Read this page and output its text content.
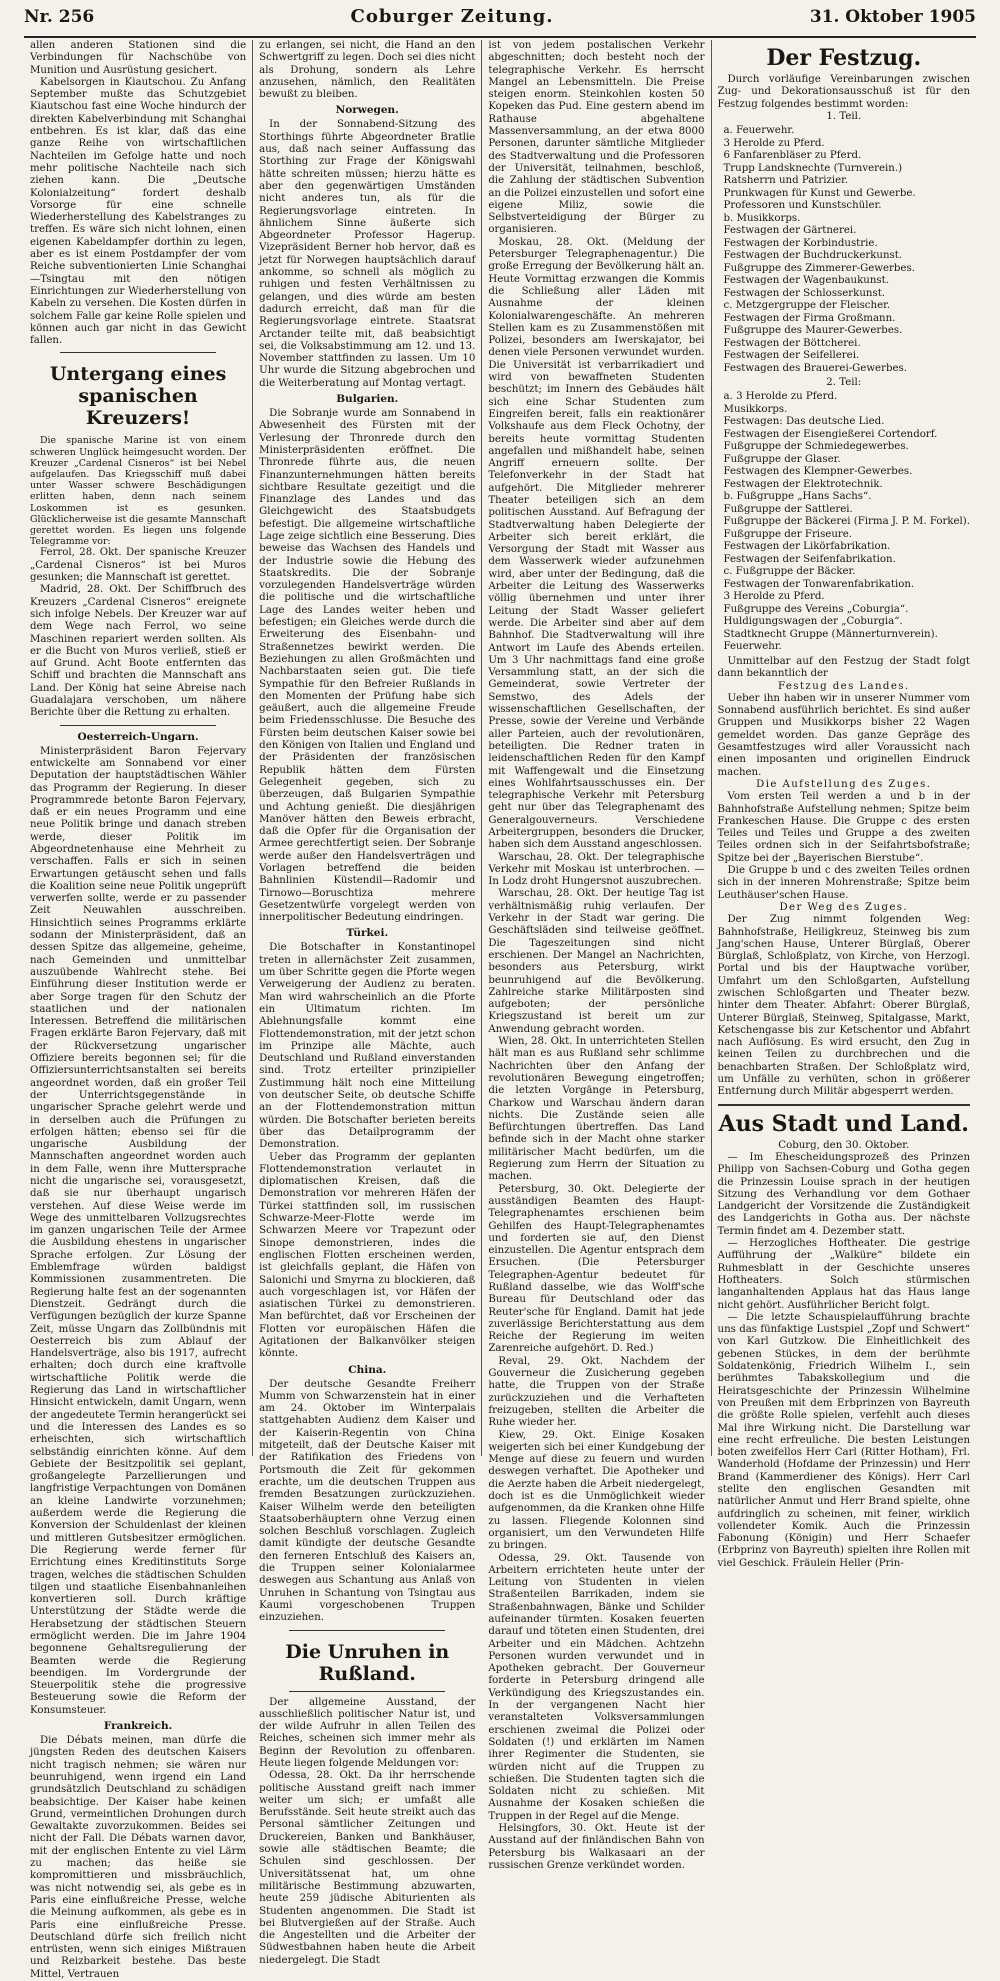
Nr. 256	Coburger Zeitung.	31. Oktober 1905

allen anderen Stationen sind die Verbindungen für Nachschübe von Munition und Ausrüstung gesichert.

Kabelsorgen in Kiautschou. Zu Anfang September mußte das Schutzgebiet Kiautschou fast eine Woche hindurch der direkten Kabelverbindung mit Schanghai entbehren. Es ist klar, daß das eine ganze Reihe von wirtschaftlichen Nachteilen im Gefolge hatte und noch mehr politische Nachteile nach sich ziehen kann. Die „Deutsche Kolonialzeitung“ fordert deshalb Vorsorge für eine schnelle Wiederherstellung des Kabelstranges zu treffen. Es wäre sich nicht lohnen, einen eigenen Kabeldampfer dorthin zu legen, aber es ist einem Postdampfer der vom Reiche subventionierten Linie Schanghai—Tsingtau mit den nötigen Einrichtungen zur Wiederherstellung von Kabeln zu versehen. Die Kosten dürfen in solchem Falle gar keine Rolle spielen und können auch gar nicht in das Gewicht fallen.

Untergang eines spanischen Kreuzers!

Die spanische Marine ist von einem schweren Unglück heimgesucht worden. Der Kreuzer „Cardenal Cisneros“ ist bei Nebel aufgelaufen. Das Kriegsschiff muß dabei unter Wasser schwere Beschädigungen erlitten haben, denn nach seinem Loskommen ist es gesunken. Glücklicherweise ist die gesamte Mannschaft gerettet worden. Es liegen uns folgende Telegramme vor:

Ferrol, 28. Okt. Der spanische Kreuzer „Cardenal Cisneros“ ist bei Muros gesunken; die Mannschaft ist gerettet.

Madrid, 28. Okt. Der Schiffbruch des Kreuzers „Cardenal Cisneros“ ereignete sich infolge Nebels. Der Kreuzer war auf dem Wege nach Ferrol, wo seine Maschinen repariert werden sollten. Als er die Bucht von Muros verließ, stieß er auf Grund. Acht Boote entfernten das Schiff und brachten die Mannschaft ans Land. Der König hat seine Abreise nach Guadalajara verschoben, um nähere Berichte über die Rettung zu erhalten.

Oesterreich-Ungarn.

Ministerpräsident Baron Fejervary entwickelte am Sonnabend vor einer Deputation der hauptstädtischen Wähler das Programm der Regierung. In dieser Programmrede betonte Baron Fejervary, daß er ein neues Programm und eine neue Politik bringe und danach streben werde, dieser Politik im Abgeordnetenhause eine Mehrheit zu verschaffen. Falls er sich in seinen Erwartungen getäuscht sehen und falls die Koalition seine neue Politik ungeprüft verwerfen sollte, werde er zu passender Zeit Neuwahlen ausschreiben. Hinsichtlich seines Programms erklärte sodann der Ministerpräsident, daß an dessen Spitze das allgemeine, geheime, nach Gemeinden und unmittelbar auszuübende Wahlrecht stehe. Bei Einführung dieser Institution werde er aber Sorge tragen für den Schutz der staatlichen und der nationalen Interessen. Betreffend die militärischen Fragen erklärte Baron Fejervary, daß mit der Rückversetzung ungarischer Offiziere bereits begonnen sei; für die Offiziersunterrichtsanstalten sei bereits angeordnet worden, daß ein großer Teil der Unterrichtsgegenstände in ungarischer Sprache gelehrt werde und in derselben auch die Prüfungen zu erfolgen hätten; ebenso sei für die ungarische Ausbildung der Mannschaften angeordnet worden auch in dem Falle, wenn ihre Muttersprache nicht die ungarische sei, vorausgesetzt, daß sie nur überhaupt ungarisch verstehen. Auf diese Weise werde im Wege des unmittelbaren Vollzugsrechtes im ganzen ungarischen Teile der Armee die Ausbildung ehestens in ungarischer Sprache erfolgen. Zur Lösung der Emblemfrage würden baldigst Kommissionen zusammentreten. Die Regierung halte fest an der sogenannten Dienstzeit. Gedrängt durch die Verfügungen bezüglich der kurze Spanne Zeit, müsse Ungarn das Zollbündnis mit Oesterreich bis zum Ablauf der Handelsverträge, also bis 1917, aufrecht erhalten; doch durch eine kraftvolle wirtschaftliche Politik werde die Regierung das Land in wirtschaftlicher Hinsicht entwickeln, damit Ungarn, wenn der angedeutete Termin herangerückt sei und die Interessen des Landes es so erheischten, sich wirtschaftlich selbständig einrichten könne. Auf dem Gebiete der Besitzpolitik sei geplant, großangelegte Parzellierungen und langfristige Verpachtungen von Domänen an kleine Landwirte vorzunehmen; außerdem werde die Regierung die Konversion der Schuldenlast der kleinen und mittleren Gutsbesitzer ermöglichen. Die Regierung werde ferner für Errichtung eines Kreditinstituts Sorge tragen, welches die städtischen Schulden tilgen und staatliche Eisenbahnanleihen konvertieren soll. Durch kräftige Unterstützung der Städte werde die Herabsetzung der städtischen Steuern ermöglicht werden. Die im Jahre 1904 begonnene Gehaltsregulierung der Beamten werde die Regierung beendigen. Im Vordergrunde der Steuerpolitik stehe die progressive Besteuerung sowie die Reform der Konsumsteuer.

Frankreich.

Die Débats meinen, man dürfe die jüngsten Reden des deutschen Kaisers nicht tragisch nehmen; sie wären nur beunruhigend, wenn irgend ein Land grundsätzlich Deutschland zu schädigen beabsichtige. Der Kaiser habe keinen Grund, vermeintlichen Drohungen durch Gewaltakte zuvorzukommen. Beides sei nicht der Fall. Die Débats warnen davor, mit der englischen Entente zu viel Lärm zu machen; das heiße sie kompromittieren und missbräuchlich, was nicht notwendig sei, als gebe es in Paris eine einflußreiche Presse, welche die Meinung aufkommen, als gebe es in Paris eine einflußreiche Presse. Deutschland dürfe sich freilich nicht entrüsten, wenn sich einiges Mißtrauen und Reizbarkeit bestehe. Das beste Mittel, Vertrauen

zu erlangen, sei nicht, die Hand an den Schwertgriff zu legen. Doch sei dies nicht als Drohung, sondern als Lehre anzusehen, nämlich, den Realitäten bewußt zu bleiben.

Norwegen.

In der Sonnabend-Sitzung des Storthings führte Abgeordneter Bratlie aus, daß nach seiner Auffassung das Storthing zur Frage der Königswahl hätte schreiten müssen; hierzu hätte es aber den gegenwärtigen Umständen nicht anderes tun, als für die Regierungsvorlage eintreten. In ähnlichem Sinne äußerte sich Abgeordneter Professor Hagerup. Vizepräsident Berner hob hervor, daß es jetzt für Norwegen hauptsächlich darauf ankomme, so schnell als möglich zu ruhigen und festen Verhältnissen zu gelangen, und dies würde am besten dadurch erreicht, daß man für die Regierungsvorlage eintrete. Staatsrat Arctander teilte mit, daß beabsichtigt sei, die Volksabstimmung am 12. und 13. November stattfinden zu lassen. Um 10 Uhr wurde die Sitzung abgebrochen und die Weiterberatung auf Montag vertagt.

Bulgarien.

Die Sobranje wurde am Sonnabend in Abwesenheit des Fürsten mit der Verlesung der Thronrede durch den Ministerpräsidenten eröffnet. Die Thronrede führte aus, die neuen Finanzunternehmungen hätten bereits sichtbare Resultate gezeitigt und die Finanzlage des Landes und das Gleichgewicht des Staatsbudgets befestigt. Die allgemeine wirtschaftliche Lage zeige sichtlich eine Besserung. Dies beweise das Wachsen des Handels und der Industrie sowie die Hebung des Staatskredits. Die der Sobranje vorzulegenden Handelsverträge würden die politische und die wirtschaftliche Lage des Landes weiter heben und befestigen; ein Gleiches werde durch die Erweiterung des Eisenbahn- und Straßennetzes bewirkt werden. Die Beziehungen zu allen Großmächten und Nachbarstaaten seien gut. Die tiefe Sympathie für den Befreier Rußlands in den Momenten der Prüfung habe sich geäußert, auch die allgemeine Freude beim Friedensschlusse. Die Besuche des Fürsten beim deutschen Kaiser sowie bei den Königen von Italien und England und der Präsidenten der französischen Republik hätten dem Fürsten Gelegenheit gegeben, sich zu überzeugen, daß Bulgarien Sympathie und Achtung genießt. Die diesjährigen Manöver hätten den Beweis erbracht, daß die Opfer für die Organisation der Armee gerechtfertigt seien. Der Sobranje werde außer den Handelsverträgen und Vorlagen betreffend die beiden Bahnlinien Küstendil—Radomir und Tirnowo—Boruschtiza mehrere Gesetzentwürfe vorgelegt werden von innerpolitischer Bedeutung eindringen.

Türkei.

Die Botschafter in Konstantinopel treten in allernächster Zeit zusammen, um über Schritte gegen die Pforte wegen Verweigerung der Audienz zu beraten. Man wird wahrscheinlich an die Pforte ein Ultimatum richten. Im Ablehnungsfalle kommt eine Flottendemonstration, mit der jetzt schon im Prinzipe alle Mächte, auch Deutschland und Rußland einverstanden sind. Trotz erteilter prinzipieller Zustimmung hält noch eine Mitteilung von deutscher Seite, ob deutsche Schiffe an der Flottendemonstration mittun würden. Die Botschafter berieten bereits über das Detailprogramm der Demonstration.

Ueber das Programm der geplanten Flottendemonstration verlautet in diplomatischen Kreisen, daß die Demonstration vor mehreren Häfen der Türkei stattfinden soll, im russischen Schwarze-Meer-Flotte werde im Schwarzen Meere vor Trapezunt oder Sinope demonstrieren, indes die englischen Flotten erscheinen werden, ist gleichfalls geplant, die Häfen von Salonichi und Smyrna zu blockieren, daß auch vorgeschlagen ist, vor Häfen der asiatischen Türkei zu demonstrieren. Man befürchtet, daß vor Erscheinen der Flotten vor europäischen Häfen die Agitationen der Balkanvölker steigen könnte.

China.

Der deutsche Gesandte Freiherr Mumm von Schwarzenstein hat in einer am 24. Oktober im Winterpalais stattgehabten Audienz dem Kaiser und der Kaiserin-Regentin von China mitgeteilt, daß der Deutsche Kaiser mit der Ratifikation des Friedens von Portsmouth die Zeit für gekommen erachte, um die deutschen Truppen aus fremden Besatzungen zurückzuziehen. Kaiser Wilhelm werde den beteiligten Staatsoberhäuptern ohne Verzug einen solchen Beschluß vorschlagen. Zugleich damit kündigte der deutsche Gesandte den ferneren Entschluß des Kaisers an, die Truppen seiner Kolonialarmee deswegen aus Schantung aus Anlaß von Unruhen in Schantung von Tsingtau aus Kaumi vorgeschobenen Truppen einzuziehen.

Die Unruhen in Rußland.

Der allgemeine Ausstand, der ausschließlich politischer Natur ist, und der wilde Aufruhr in allen Teilen des Reiches, scheinen sich immer mehr als Beginn der Revolution zu offenbaren. Heute liegen folgende Meldungen vor:

Odessa, 28. Okt. Da ihr herrschende politische Ausstand greift nach immer weiter um sich; er umfaßt alle Berufsstände. Seit heute streikt auch das Personal sämtlicher Zeitungen und Druckereien, Banken und Bankhäuser, sowie alle städtischen Beamte; die Schulen sind geschlossen. Der Universitätssenat hat, um ohne militärische Bestimmung abzuwarten, heute 259 jüdische Abiturienten als Studenten angenommen. Die Stadt ist bei Blutvergießen auf der Straße. Auch die Angestellten und die Arbeiter der Südwestbahnen haben heute die Arbeit niedergelegt. Die Stadt

ist von jedem postalischen Verkehr abgeschnitten; doch besteht noch der telegraphische Verkehr. Es herrscht Mangel an Lebensmitteln. Die Preise steigen enorm. Steinkohlen kosten 50 Kopeken das Pud. Eine gestern abend im Rathause abgehaltene Massenversammlung, an der etwa 8000 Personen, darunter sämtliche Mitglieder des Stadtverwaltung und die Professoren der Universität, teilnahmen, beschloß, die Zahlung der städtischen Subvention an die Polizei einzustellen und sofort eine eigene Miliz, sowie die Selbstverteidigung der Bürger zu organisieren.

Moskau, 28. Okt. (Meldung der Petersburger Telegraphenagentur.) Die große Erregung der Bevölkerung hält an. Heute Vormittag erzwangen die Kommis die Schließung aller Läden mit Ausnahme der kleinen Kolonialwarengeschäfte. An mehreren Stellen kam es zu Zusammenstößen mit Polizei, besonders am Iwerskajator, bei denen viele Personen verwundet wurden. Die Universität ist verbarrikadiert und wird von bewaffneten Studenten beschützt; im Innern des Gebäudes hält sich eine Schar Studenten zum Eingreifen bereit, falls ein reaktionärer Volkshaufe aus dem Fleck Ochotny, der bereits heute vormittag Studenten angefallen und mißhandelt habe, seinen Angriff erneuern sollte. Der Telefonverkehr in der Stadt hat aufgehört. Die Mitglieder mehrerer Theater beteiligen sich an dem politischen Ausstand. Auf Befragung der Stadtverwaltung haben Delegierte der Arbeiter sich bereit erklärt, die Versorgung der Stadt mit Wasser aus dem Wasserwerk wieder aufzunehmen wird, aber unter der Bedingung, daß die Arbeiter die Leitung des Wasserwerks völlig übernehmen und unter ihrer Leitung der Stadt Wasser geliefert werde. Die Arbeiter sind aber auf dem Bahnhof. Die Stadtverwaltung will ihre Antwort im Laufe des Abends erteilen. Um 3 Uhr nachmittags fand eine große Versammlung statt, an der sich die Gemeinderat, sowie Vertreter der Semstwo, des Adels der wissenschaftlichen Gesellschaften, der Presse, sowie der Vereine und Verbände aller Parteien, auch der revolutionären, beteiligten. Die Redner traten in leidenschaftlichen Reden für den Kampf mit Waffengewalt und die Einsetzung eines Wohlfahrtsausschusses ein. Der telegraphische Verkehr mit Petersburg geht nur über das Telegraphenamt des Generalgouverneurs. Verschiedene Arbeitergruppen, besonders die Drucker, haben sich dem Ausstand angeschlossen.

Warschau, 28. Okt. Der telegraphische Verkehr mit Moskau ist unterbrochen. — In Lodz droht Hungersnot auszubrechen.

Warschau, 28. Okt. Der heutige Tag ist verhältnismäßig ruhig verlaufen. Der Verkehr in der Stadt war gering. Die Geschäftsläden sind teilweise geöffnet. Die Tageszeitungen sind nicht erschienen. Der Mangel an Nachrichten, besonders aus Petersburg, wirkt beunruhigend auf die Bevölkerung. Zahlreiche starke Militärposten sind aufgeboten; der persönliche Kriegszustand ist bereit um zur Anwendung gebracht worden.

Wien, 28. Okt. In unterrichteten Stellen hält man es aus Rußland sehr schlimme Nachrichten über den Anfang der revolutionären Bewegung eingetroffen; die letzten Vorgänge in Petersburg, Charkow und Warschau ändern daran nichts. Die Zustände seien alle Befürchtungen übertreffen. Das Land befinde sich in der Macht ohne starker militärischer Macht bedürfen, um die Regierung zum Herrn der Situation zu machen.

Petersburg, 30. Okt. Delegierte der ausständigen Beamten des Haupt-Telegraphenamtes erschienen beim Gehilfen des Haupt-Telegraphenamtes und forderten sie auf, den Dienst einzustellen. Die Agentur entsprach dem Ersuchen. (Die Petersburger Telegraphen-Agentur bedeutet für Rußland dasselbe, wie das Wolff'sche Bureau für Deutschland oder das Reuter'sche für England. Damit hat jede zuverlässige Berichterstattung aus dem Reiche der Regierung im weiten Zarenreiche aufgehört. D. Red.)

Reval, 29. Okt. Nachdem der Gouverneur die Zusicherung gegeben hatte, die Truppen von der Straße zurückzuziehen und die Verhafteten freizugeben, stellten die Arbeiter die Ruhe wieder her.

Kiew, 29. Okt. Einige Kosaken weigerten sich bei einer Kundgebung der Menge auf diese zu feuern und wurden deswegen verhaftet. Die Apotheker und die Aerzte haben die Arbeit niedergelegt, doch ist es die Unmöglichkeit wieder aufgenommen, da die Kranken ohne Hilfe zu lassen. Fliegende Kolonnen sind organisiert, um den Verwundeten Hilfe zu bringen.

Odessa, 29. Okt. Tausende von Arbeitern errichteten heute unter der Leitung von Studenten in vielen Straßenteilen Barrikaden, indem sie Straßenbahnwagen, Bänke und Schilder aufeinander türmten. Kosaken feuerten darauf und töteten einen Studenten, drei Arbeiter und ein Mädchen. Achtzehn Personen wurden verwundet und in Apotheken gebracht. Der Gouverneur forderte in Petersburg dringend alle Verkündigung des Kriegszustandes ein. In der vergangenen Nacht hier veranstalteten Volksversammlungen erschienen zweimal die Polizei oder Soldaten (!) und erklärten im Namen ihrer Regimenter die Studenten, sie würden nicht auf die Truppen zu schießen. Die Studenten tagten sich die Soldaten nicht zu schießen. Mit Ausnahme der Kosaken schießen die Truppen in der Regel auf die Menge.

Helsingfors, 30. Okt. Heute ist der Ausstand auf der finländischen Bahn von Petersburg bis Walkasaari an der russischen Grenze verkündet worden.

Der Festzug.

Durch vorläufige Vereinbarungen zwischen Zug- und Dekorationsausschuß ist für den Festzug folgendes bestimmt worden:

1. Teil.

a. Feuerwehr.
3 Herolde zu Pferd.
6 Fanfarenbläser zu Pferd.
Trupp Landsknechte (Turnverein.)
Ratsherrn und Patrizier.
Prunkwagen für Kunst und Gewerbe.
Professoren und Kunstschüler.
b. Musikkorps.
Festwagen der Gärtnerei.
Festwagen der Korbindustrie.
Festwagen der Buchdruckerkunst.
Fußgruppe des Zimmerer-Gewerbes.
Festwagen der Wagenbaukunst.
Festwagen der Schlosserkunst.
c. Metzgergruppe der Fleischer.
Festwagen der Firma Großmann.
Fußgruppe des Maurer-Gewerbes.
Festwagen der Böttcherei.
Festwagen der Seifellerei.
Festwagen des Brauerei-Gewerbes.

2. Teil:

a. 3 Herolde zu Pferd.
Musikkorps.
Festwagen: Das deutsche Lied.
Festwagen der Eisengießerei Cortendorf.
Fußgruppe der Schmiedegewerbes.
Fußgruppe der Glaser.
Festwagen des Klempner-Gewerbes.
Festwagen der Elektrotechnik.
b. Fußgruppe „Hans Sachs“.
Fußgruppe der Sattlerei.
Fußgruppe der Bäckerei (Firma J. P. M. Forkel).
Fußgruppe der Friseure.
Festwagen der Likörfabrikation.
Festwagen der Seifenfabrikation.
c. Fußgruppe der Bäcker.
Festwagen der Tonwarenfabrikation.
3 Herolde zu Pferd.
Fußgruppe des Vereins „Coburgia“.
Huldigungswagen der „Coburgia“.
Stadtknecht Gruppe (Männerturnverein).
Feuerwehr.

Unmittelbar auf den Festzug der Stadt folgt dann bekanntlich der

Festzug des Landes.

Ueber ihn haben wir in unserer Nummer vom Sonnabend ausführlich berichtet. Es sind außer Gruppen und Musikkorps bisher 22 Wagen gemeldet worden. Das ganze Gepräge des Gesamtfestzuges wird aller Voraussicht nach einen imposanten und originellen Eindruck machen.

Die Aufstellung des Zuges.

Vom ersten Teil werden a und b in der Bahnhofstraße Aufstellung nehmen; Spitze beim Frankeschen Hause. Die Gruppe c des ersten Teiles und Teiles und Gruppe a des zweiten Teiles ordnen sich in der Seifahrtsbofstraße; Spitze bei der „Bayerischen Bierstube“.

Die Gruppe b und c des zweiten Teiles ordnen sich in der inneren Mohrenstraße; Spitze beim Leuthäuser'schen Hause.

Der Weg des Zuges.

Der Zug nimmt folgenden Weg: Bahnhofstraße, Heiligkreuz, Steinweg bis zum Jang'schen Hause, Unterer Bürglaß, Oberer Bürglaß, Schloßplatz, von Kirche, von Herzogl. Portal und bis der Hauptwache vorüber, Umfahrt um den Schloßgarten, Aufstellung zwischen Schloßgarten und Theater bezw. hinter dem Theater. Abfahrt: Oberer Bürglaß, Unterer Bürglaß, Steinweg, Spitalgasse, Markt, Ketschengasse bis zur Ketschentor und Abfahrt nach Auflösung. Es wird ersucht, den Zug in keinen Teilen zu durchbrechen und die benachbarten Straßen. Der Schloßplatz wird, um Unfälle zu verhüten, schon in größerer Entfernung durch Militär abgesperrt werden.

Aus Stadt und Land.

Coburg, den 30. Oktober.

— Im Ehescheidungsprozeß des Prinzen Philipp von Sachsen-Coburg und Gotha gegen die Prinzessin Louise sprach in der heutigen Sitzung des Verhandlung vor dem Gothaer Landgericht der Vorsitzende die Zuständigkeit des Landgerichts in Gotha aus. Der nächste Termin findet am 4. Dezember statt.

— Herzogliches Hoftheater. Die gestrige Aufführung der „Walküre“ bildete ein Ruhmesblatt in der Geschichte unseres Hoftheaters. Solch stürmischen langanhaltenden Applaus hat das Haus lange nicht gehört. Ausführlicher Bericht folgt.

— Die letzte Schauspielaufführung brachte uns das fünfaktige Lustspiel „Zopf und Schwert“ von Karl Gutzkow. Die Einheitlichkeit des gebenen Stückes, in dem der berühmte Soldatenkönig, Friedrich Wilhelm I., sein berühmtes Tabakskollegium und die Heiratsgeschichte der Prinzessin Wilhelmine von Preußen mit dem Erbprinzen von Bayreuth die größte Rolle spielen, verfehlt auch dieses Mal ihre Wirkung nicht. Die Darstellung war eine recht erfreuliche. Die besten Leistungen boten zweifellos Herr Carl (Ritter Hotham), Frl. Wanderhold (Hofdame der Prinzessin) und Herr Brand (Kammerdiener des Königs). Herr Carl stellte den englischen Gesandten mit natürlicher Anmut und Herr Brand spielte, ohne aufdringlich zu scheinen, mit feiner, wirklich vollendeter Komik. Auch die Prinzessin Fabonung (Königin) und Herr Schaefer (Erbprinz von Bayreuth) spielten ihre Rollen mit viel Geschick. Fräulein Heller (Prin-
